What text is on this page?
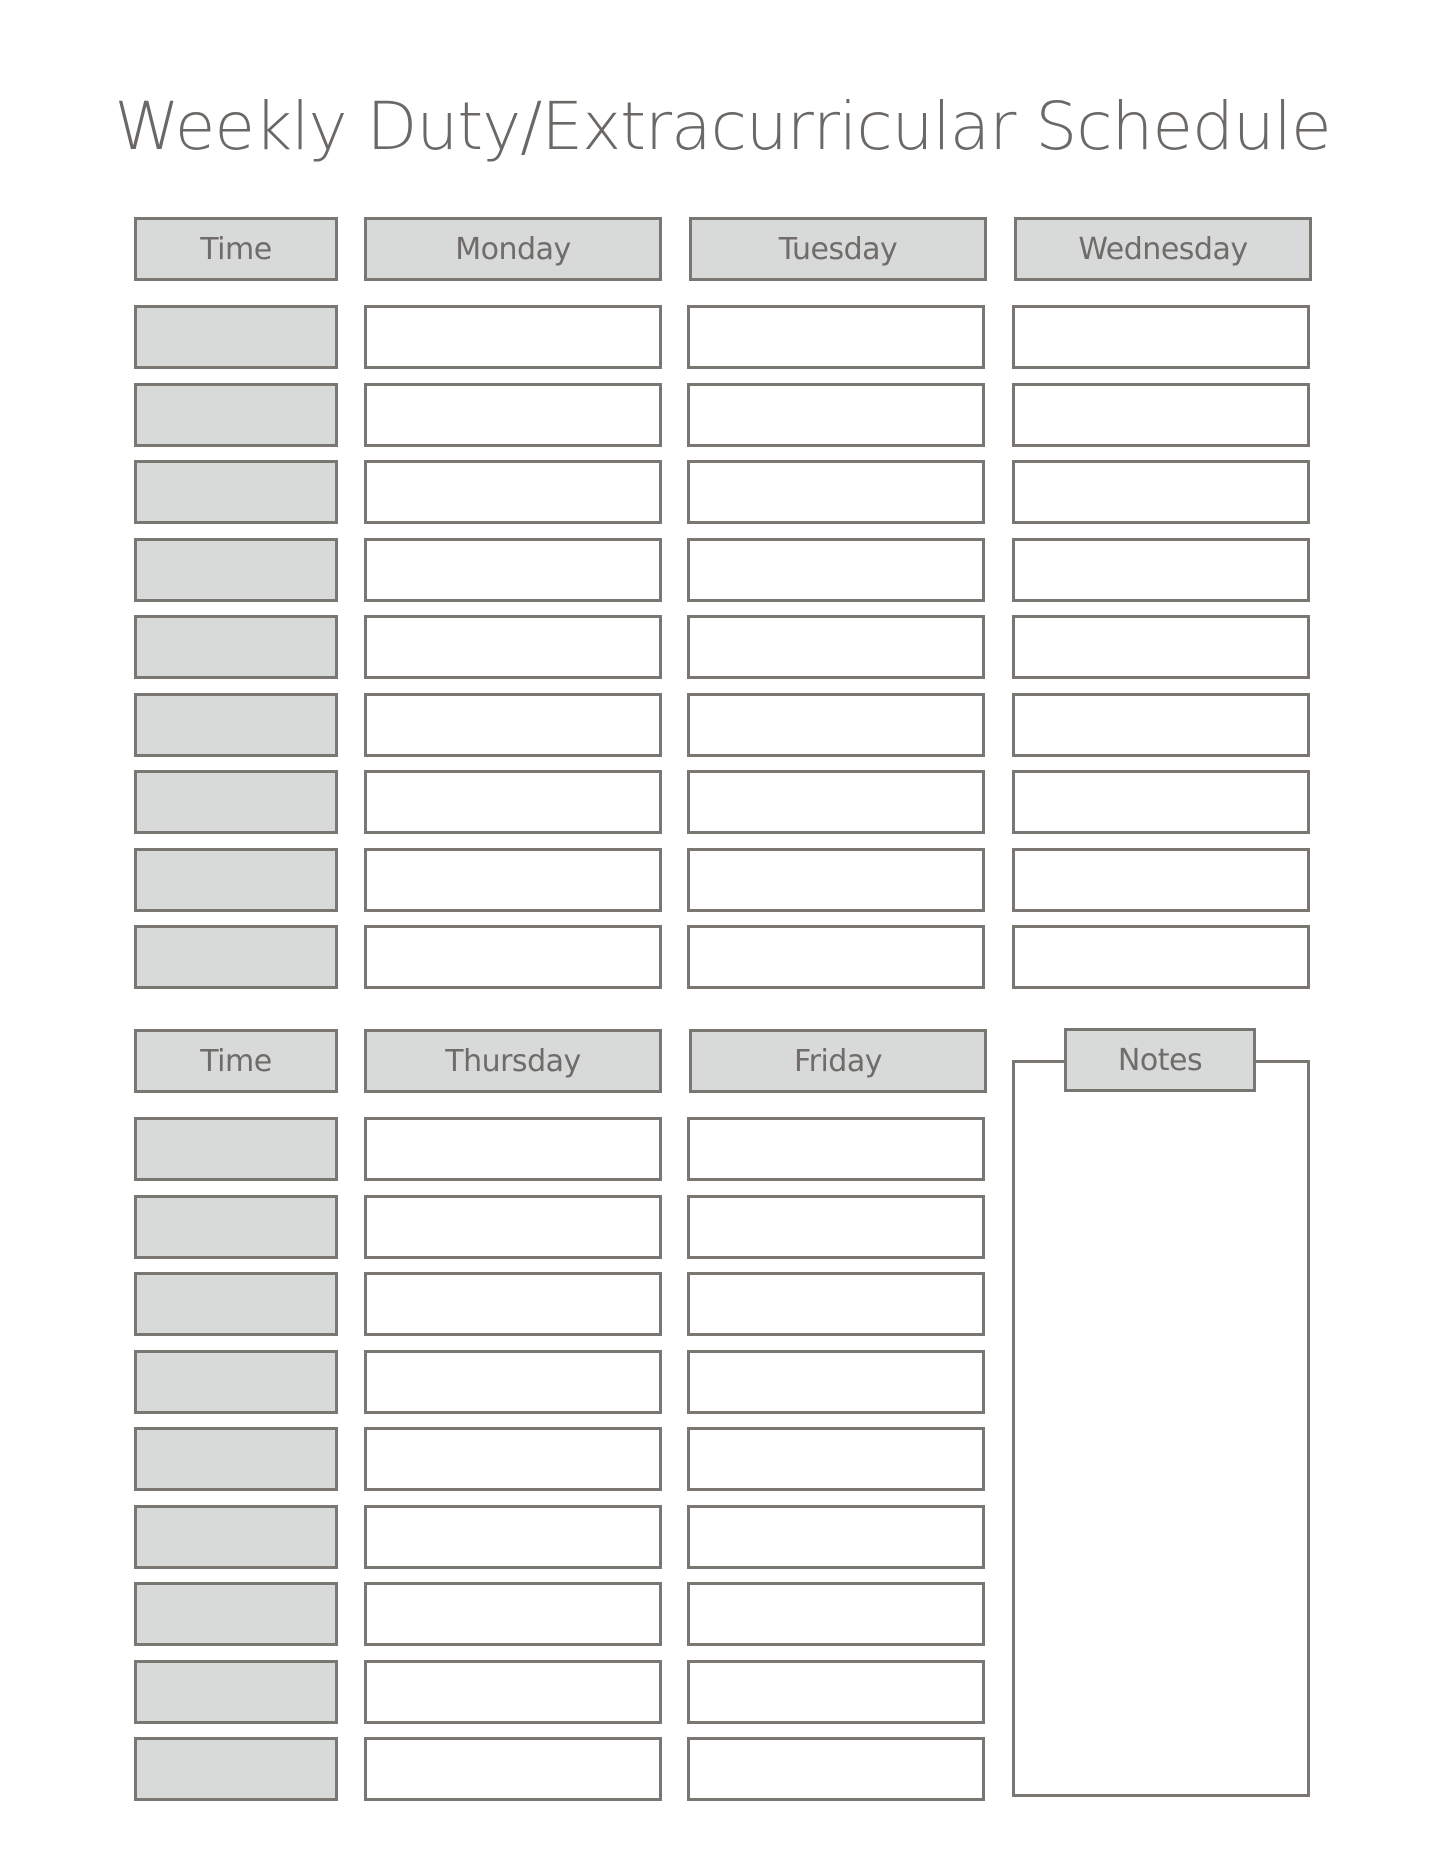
Weekly Duty/Extracurricular Schedule
Time	Monday	Tuesday	Wednesday
Time	Thursday	Friday	Notes
